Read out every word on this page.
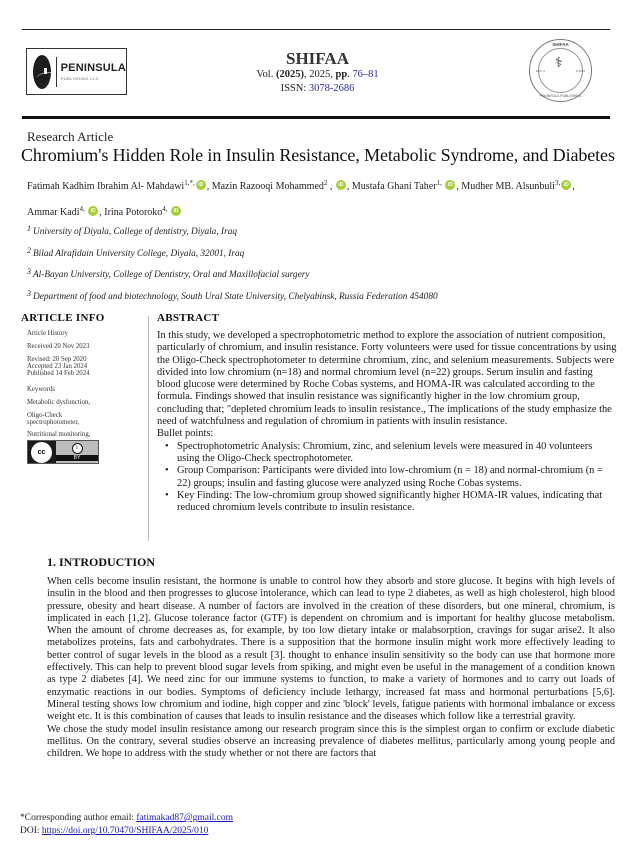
PENINSULA
PUBLISHING LLC
SHIFAA
Vol. (2025), 2025, pp. 76–81
ISSN: 3078-2686
SHIFAA
⚕
EST. 4	8 2018
PENINSULA PUBLISHING
Research Article
Chromium's Hidden Role in Insulin Resistance, Metabolic Syndrome, and Diabetes
Fatimah Kadhim Ibrahim Al- Mahdawi$^{1,*,}$ iD , Mazin Razooqi Mohammed$^2$ , iD , Mustafa Ghani Taher$^{1,}$ iD , Mudher MB. Alsunbuli$^{3,}$ iD ,
Ammar Kadi$^{4,}$ iD , Irina Potoroko$^{4,}$ iD
$^1$ University of Diyala, College of dentistry, Diyala, Iraq
$^2$ Bilad Alrafidain University College, Diyala, 32001, Iraq
$^3$ Al-Bayan University, College of Dentistry, Oral and Maxillofacial surgery
$^3$ Department of food and biotechnology, South Ural State University, Chelyabinsk, Russia Federation 454080
ARTICLE INFO
Article History
Received 20 Nov 2023
Revised: 20 Sep 2020
Accepted 23 Jan 2024
Published 14 Feb 2024
Keywords
Metabolic dysfunction,
Oligo-Check spectrophotometer,
Nutritional monitoring,
cc
i
BY
ABSTRACT
In this study, we developed a spectrophotometric method to explore the association of nutrient composition, particularly of chromium, and insulin resistance. Forty volunteers were used for tissue concentrations by using the Oligo-Check spectrophotometer to determine chromium, zinc, and selenium measurements. Subjects were divided into low chromium (n=18) and normal chromium level (n=22) groups. Serum insulin and fasting blood glucose were determined by Roche Cobas systems, and HOMA-IR was calculated according to the formula. Findings showed that insulin resistance was significantly higher in the low chromium group, concluding that; "depleted chromium leads to insulin resistance., The implications of the study emphasize the need of watchfulness and regulation of chromium in patients with insulin resistance.
Bullet points:
• Spectrophotometric Analysis: Chromium, zinc, and selenium levels were measured in 40 volunteers using the Oligo-Check spectrophotometer.
• Group Comparison: Participants were divided into low-chromium (n = 18) and normal-chromium (n = 22) groups; insulin and fasting glucose were analyzed using Roche Cobas systems.
• Key Finding: The low-chromium group showed significantly higher HOMA-IR values, indicating that reduced chromium levels contribute to insulin resistance.
1. INTRODUCTION

When cells become insulin resistant, the hormone is unable to control how they absorb and store glucose. It begins with high levels of insulin in the blood and then progresses to glucose intolerance, which can lead to type 2 diabetes, as well as high cholesterol, high blood pressure, obesity and heart disease. A number of factors are involved in the creation of these disorders, but one mineral, chromium, is implicated in each [1,2]. Glucose tolerance factor (GTF) is dependent on chromium and is important for healthy glucose metabolism. When the amount of chrome decreases as, for example, by too low dietary intake or malabsorption, cravings for sugar arise2. It also metabolizes proteins, fats and carbohydrates. There is a supposition that the hormone insulin might work more effectively leading to better control of sugar levels in the blood as a result [3]. thought to enhance insulin sensitivity so the body can use that hormone more effectively. This can help to prevent blood sugar levels from spiking, and might even be useful in the management of a condition known as type 2 diabetes [4]. We need zinc for our immune systems to function, to make a variety of hormones and to carry out loads of enzymatic reactions in our bodies. Symptoms of deficiency include lethargy, increased fat mass and hormonal perturbations [5,6]. Mineral testing shows low chromium and iodine, high copper and zinc 'block' levels, fatigue patients with hormonal imbalance or excess weight etc. It is this combination of causes that leads to insulin resistance and the diseases which follow like a terrestrial gravity.

We chose the study model insulin resistance among our research program since this is the simplest organ to confirm or exclude diabetic mellitus. On the contrary, several studies observe an increasing prevalence of diabetes mellitus, particularly among young people and children. We hope to address with the study whether or not there are factors that

*Corresponding author email: fatimakad87@gmail.com
DOI: https://doi.org/10.70470/SHIFAA/2025/010
